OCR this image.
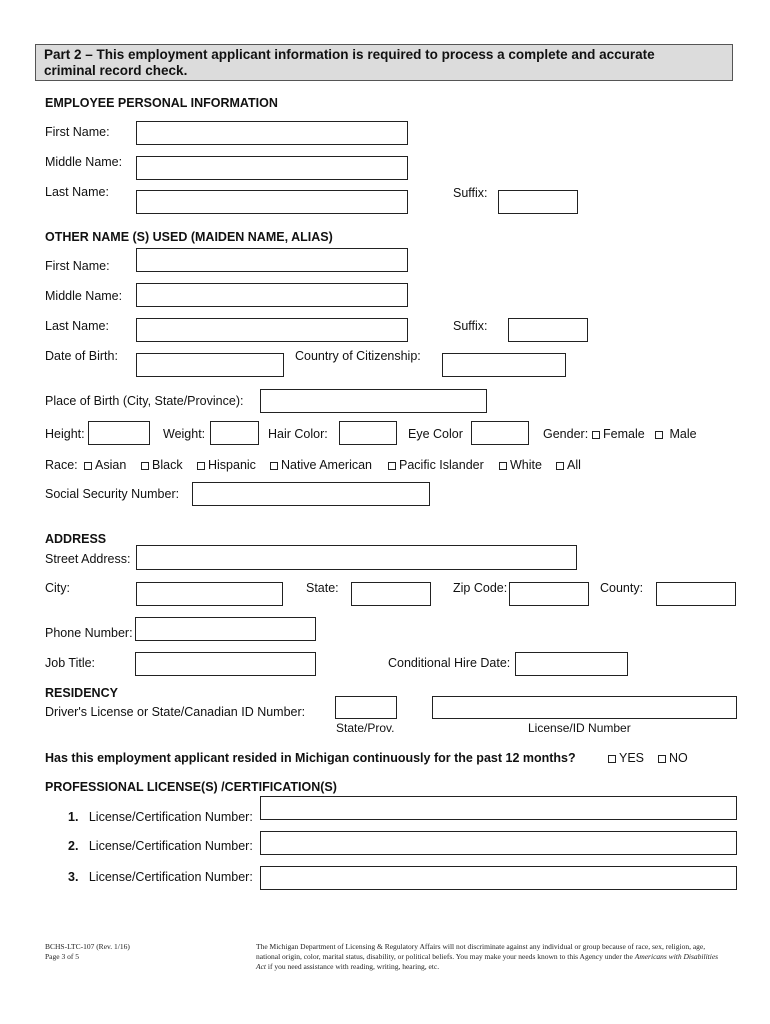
Part 2 – This employment applicant information is required to process a complete and accurate
criminal record check.
EMPLOYEE PERSONAL INFORMATION
First Name:
Middle Name:
Last Name:	Suffix:
OTHER NAME (S) USED (MAIDEN NAME, ALIAS)
First Name:
Middle Name:
Last Name:	Suffix:
Date of Birth:	Country of Citizenship:
Place of Birth (City, State/Province):
Height:	Weight:	Hair Color:	Eye Color	Gender:	Female	Male
Race:	Asian	Black	Hispanic	Native American	Pacific Islander	White	All
Social Security Number:
ADDRESS
Street Address:
City:	State:	Zip Code:	County:
Phone Number:
Job Title:	Conditional Hire Date:
RESIDENCY
Driver's License or State/Canadian ID Number:
State/Prov.	License/ID Number
Has this employment applicant resided in Michigan continuously for the past 12 months?	YES	NO
PROFESSIONAL LICENSE(S) /CERTIFICATION(S)
1. License/Certification Number:
2. License/Certification Number:
3. License/Certification Number:
BCHS-LTC-107 (Rev. 1/16)
Page 3 of 5
The Michigan Department of Licensing & Regulatory Affairs will not discriminate against any individual or group because of race, sex, religion, age, national origin, color, marital status, disability, or political beliefs. You may make your needs known to this Agency under the Americans with Disabilities Act if you need assistance with reading, writing, hearing, etc.
